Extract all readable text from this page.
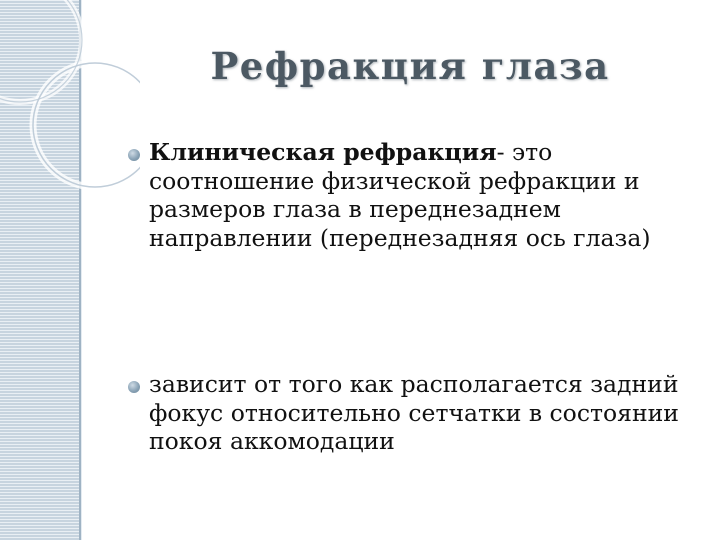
Рефракция глаза
Клиническая рефракция- это соотношение физической рефракции и размеров глаза в переднезаднем направлении (переднезадняя ось глаза)
зависит от того как располагается задний фокус относительно сетчатки в состоянии покоя аккомодации
